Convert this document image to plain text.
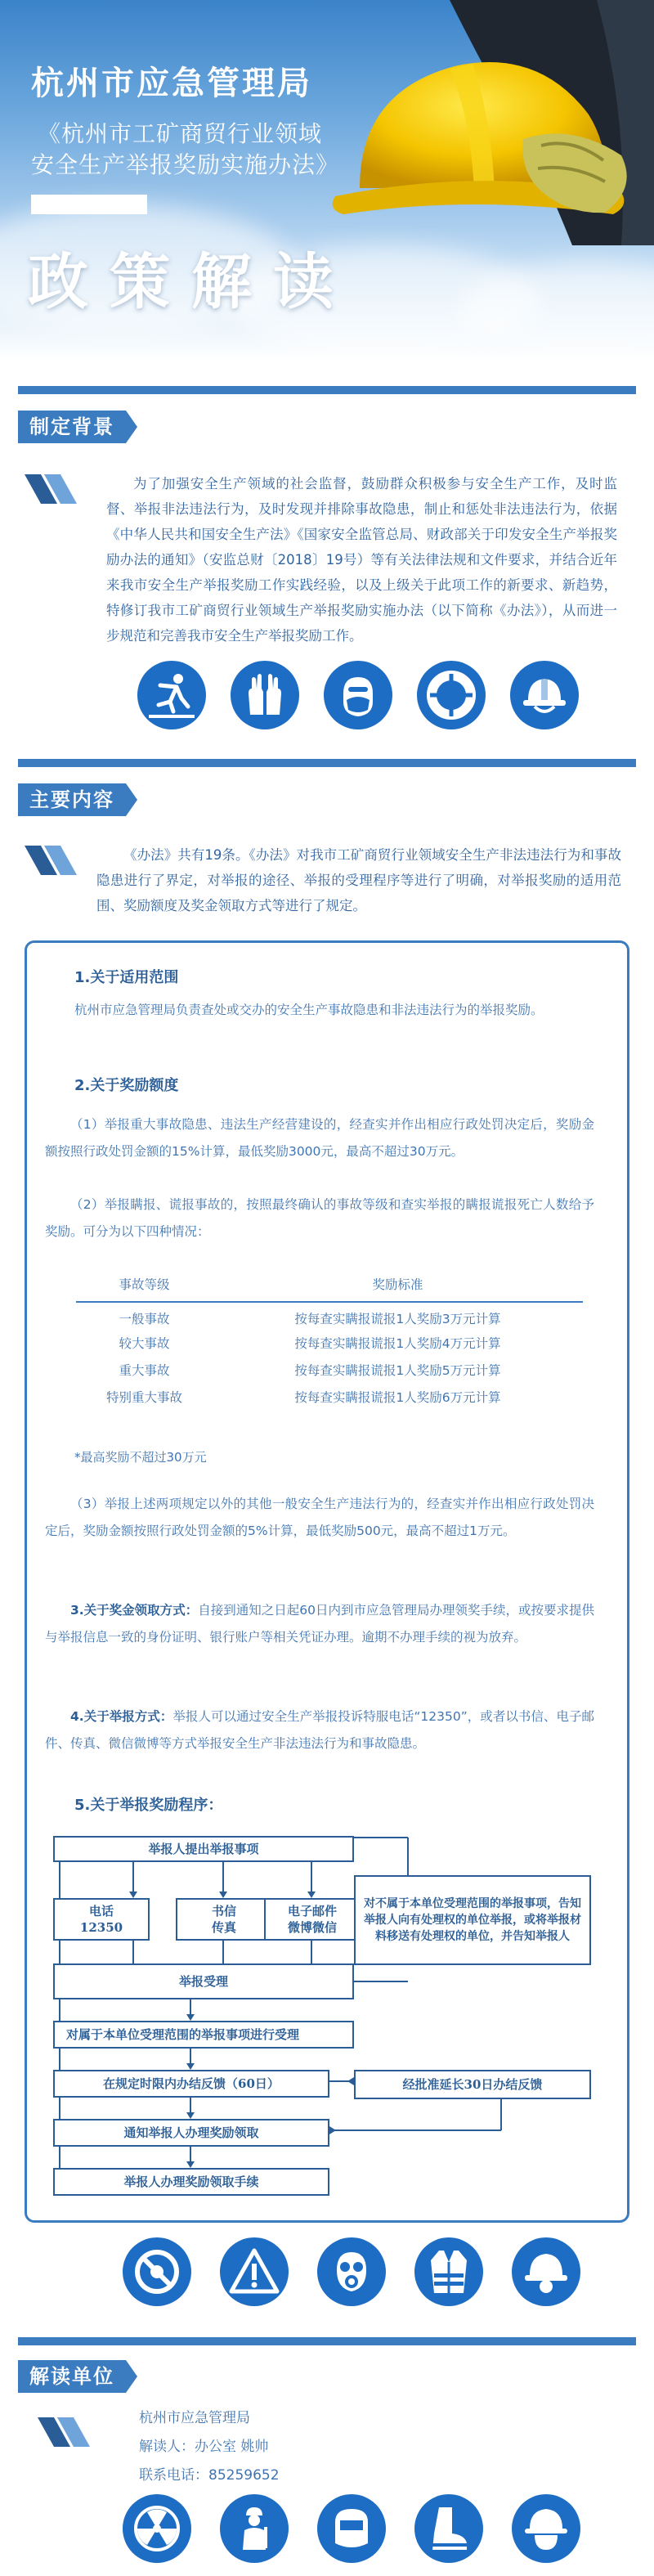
杭州市应急管理局
《杭州市工矿商贸行业领域
安全生产举报奖励实施办法》
政策解读
制定背景
为了加强安全生产领域的社会监督，鼓励群众积极参与安全生产工作，及时监督、举报非法违法行为，及时发现并排除事故隐患，制止和惩处非法违法行为，依据《中华人民共和国安全生产法》《国家安全监管总局、财政部关于印发安全生产举报奖励办法的通知》（安监总财〔2018〕19号）等有关法律法规和文件要求，并结合近年来我市安全生产举报奖励工作实践经验，以及上级关于此项工作的新要求、新趋势，特修订我市工矿商贸行业领域生产举报奖励实施办法（以下简称《办法》），从而进一步规范和完善我市安全生产举报奖励工作。
主要内容
《办法》共有19条。《办法》对我市工矿商贸行业领域安全生产非法违法行为和事故隐患进行了界定，对举报的途径、举报的受理程序等进行了明确，对举报奖励的适用范围、奖励额度及奖金领取方式等进行了规定。
1.关于适用范围
杭州市应急管理局负责查处或交办的安全生产事故隐患和非法违法行为的举报奖励。
2.关于奖励额度
（1）举报重大事故隐患、违法生产经营建设的，经查实并作出相应行政处罚决定后，奖励金额按照行政处罚金额的15%计算，最低奖励3000元，最高不超过30万元。
（2）举报瞒报、谎报事故的，按照最终确认的事故等级和查实举报的瞒报谎报死亡人数给予奖励。可分为以下四种情况：
事故等级	奖励标准
一般事故	按每查实瞒报谎报1人奖励3万元计算
较大事故	按每查实瞒报谎报1人奖励4万元计算
重大事故	按每查实瞒报谎报1人奖励5万元计算
特别重大事故	按每查实瞒报谎报1人奖励6万元计算
*最高奖励不超过30万元
（3）举报上述两项规定以外的其他一般安全生产违法行为的，经查实并作出相应行政处罚决定后，奖励金额按照行政处罚金额的5%计算，最低奖励500元，最高不超过1万元。
3.关于奖金领取方式：自接到通知之日起60日内到市应急管理局办理领奖手续，或按要求提供与举报信息一致的身份证明、银行账户等相关凭证办理。逾期不办理手续的视为放弃。
4.关于举报方式：举报人可以通过安全生产举报投诉特服电话“12350”，或者以书信、电子邮件、传真、微信微博等方式举报安全生产非法违法行为和事故隐患。
5.关于举报奖励程序：
举报人提出举报事项
电话
12350
书信
传真
电子邮件
微博微信
对不属于本单位受理范围的举报事项，告知举报人向有处理权的单位举报，或将举报材料移送有处理权的单位，并告知举报人
举报受理
对属于本单位受理范围的举报事项进行受理
在规定时限内办结反馈（60日）	经批准延长30日办结反馈
通知举报人办理奖励领取
举报人办理奖励领取手续
解读单位
杭州市应急管理局
解读人：办公室 姚帅
联系电话：85259652
